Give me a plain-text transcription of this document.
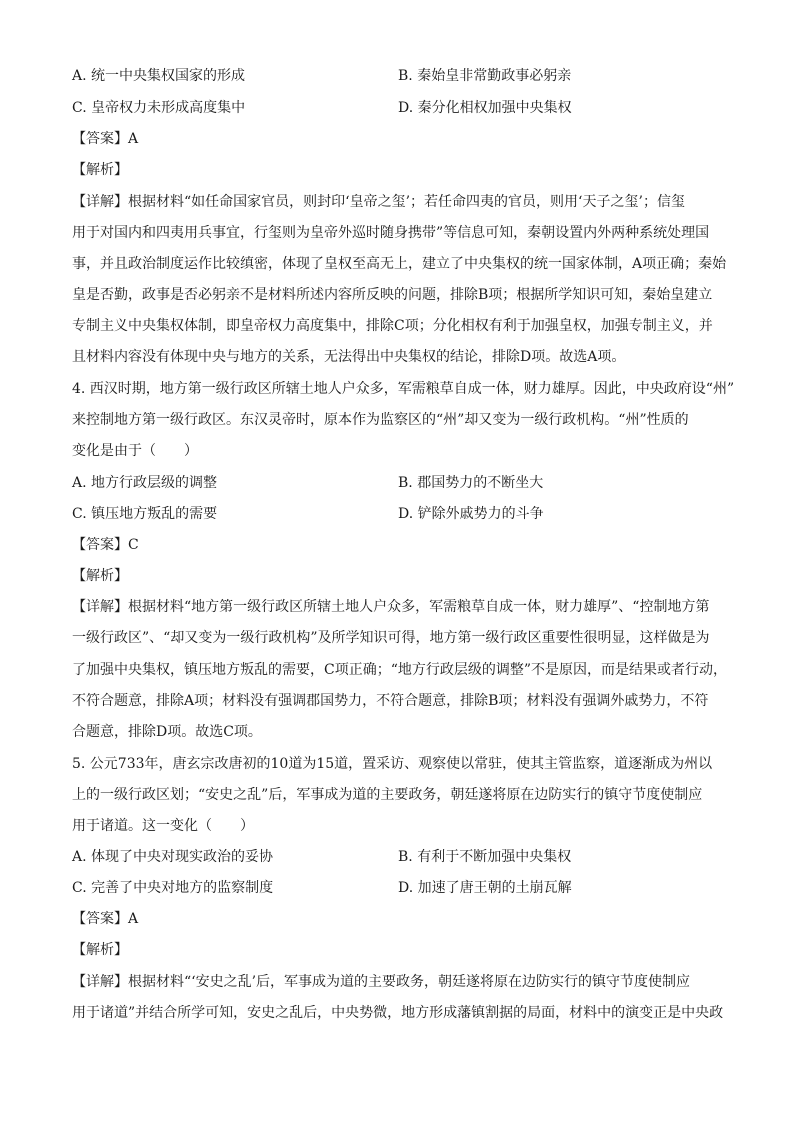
A. 统一中央集权国家的形成	B. 秦始皇非常勤政事必躬亲
C. 皇帝权力未形成高度集中	D. 秦分化相权加强中央集权
【答案】A
【解析】
【详解】根据材料“如任命国家官员，则封印‘皇帝之玺’；若任命四夷的官员，则用‘天子之玺’；信玺
用于对国内和四夷用兵事宜，行玺则为皇帝外巡时随身携带”等信息可知，秦朝设置内外两种系统处理国
事，并且政治制度运作比较缜密，体现了皇权至高无上，建立了中央集权的统一国家体制，A项正确；秦始
皇是否勤，政事是否必躬亲不是材料所述内容所反映的问题，排除B项；根据所学知识可知，秦始皇建立
专制主义中央集权体制，即皇帝权力高度集中，排除C项；分化相权有利于加强皇权，加强专制主义，并
且材料内容没有体现中央与地方的关系，无法得出中央集权的结论，排除D项。故选A项。
4. 西汉时期，地方第一级行政区所辖土地人户众多，军需粮草自成一体，财力雄厚。因此，中央政府设“州”
来控制地方第一级行政区。东汉灵帝时，原本作为监察区的“州”却又变为一级行政机构。“州”性质的
变化是由于（　　）
A. 地方行政层级的调整	B. 郡国势力的不断坐大
C. 镇压地方叛乱的需要	D. 铲除外戚势力的斗争
【答案】C
【解析】
【详解】根据材料“地方第一级行政区所辖土地人户众多，军需粮草自成一体，财力雄厚”、“控制地方第
一级行政区”、“却又变为一级行政机构”及所学知识可得，地方第一级行政区重要性很明显，这样做是为
了加强中央集权，镇压地方叛乱的需要，C项正确；“地方行政层级的调整”不是原因，而是结果或者行动，
不符合题意，排除A项；材料没有强调郡国势力，不符合题意，排除B项；材料没有强调外戚势力，不符
合题意，排除D项。故选C项。
5. 公元733年，唐玄宗改唐初的10道为15道，置采访、观察使以常驻，使其主管监察，道逐渐成为州以
上的一级行政区划；“安史之乱”后，军事成为道的主要政务，朝廷遂将原在边防实行的镇守节度使制应
用于诸道。这一变化（　　）
A. 体现了中央对现实政治的妥协	B. 有利于不断加强中央集权
C. 完善了中央对地方的监察制度	D. 加速了唐王朝的土崩瓦解
【答案】A
【解析】
【详解】根据材料“‘安史之乱’后，军事成为道的主要政务，朝廷遂将原在边防实行的镇守节度使制应
用于诸道”并结合所学可知，安史之乱后，中央势微，地方形成藩镇割据的局面，材料中的演变正是中央政
